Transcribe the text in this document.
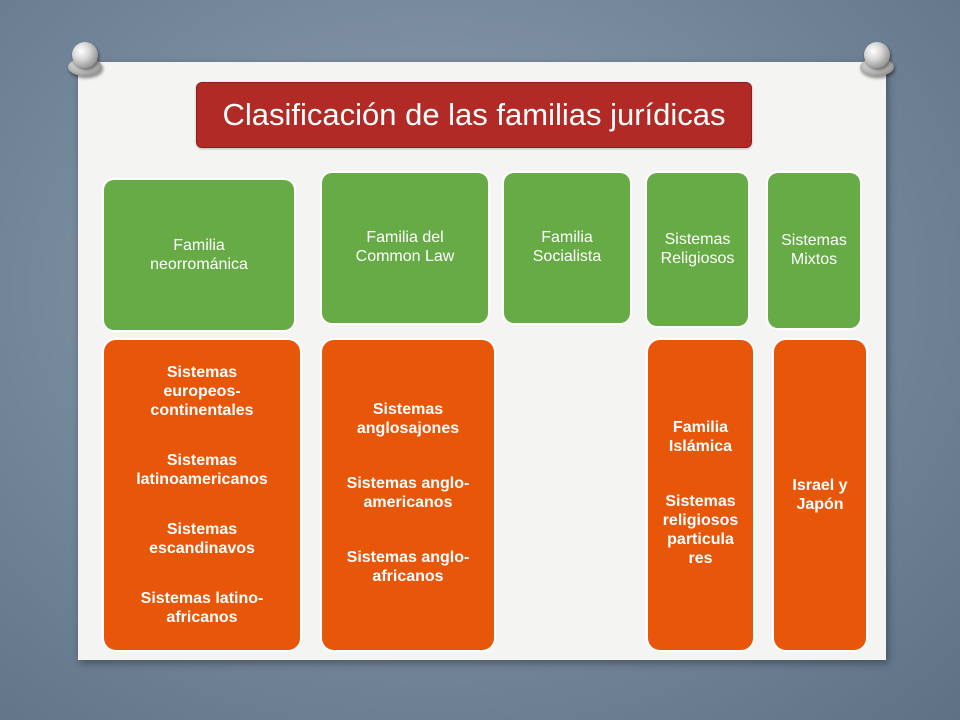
Clasificación de las familias jurídicas
Familia neorrománica
Familia del Common Law
Familia Socialista
Sistemas Religiosos
Sistemas Mixtos
Sistemas europeos-continentales
Sistemas latinoamericanos
Sistemas escandinavos
Sistemas latino-africanos
Sistemas anglosajones
Sistemas anglo-americanos
Sistemas anglo-africanos
Familia Islámica
Sistemas religiosos particula res
Israel y Japón
